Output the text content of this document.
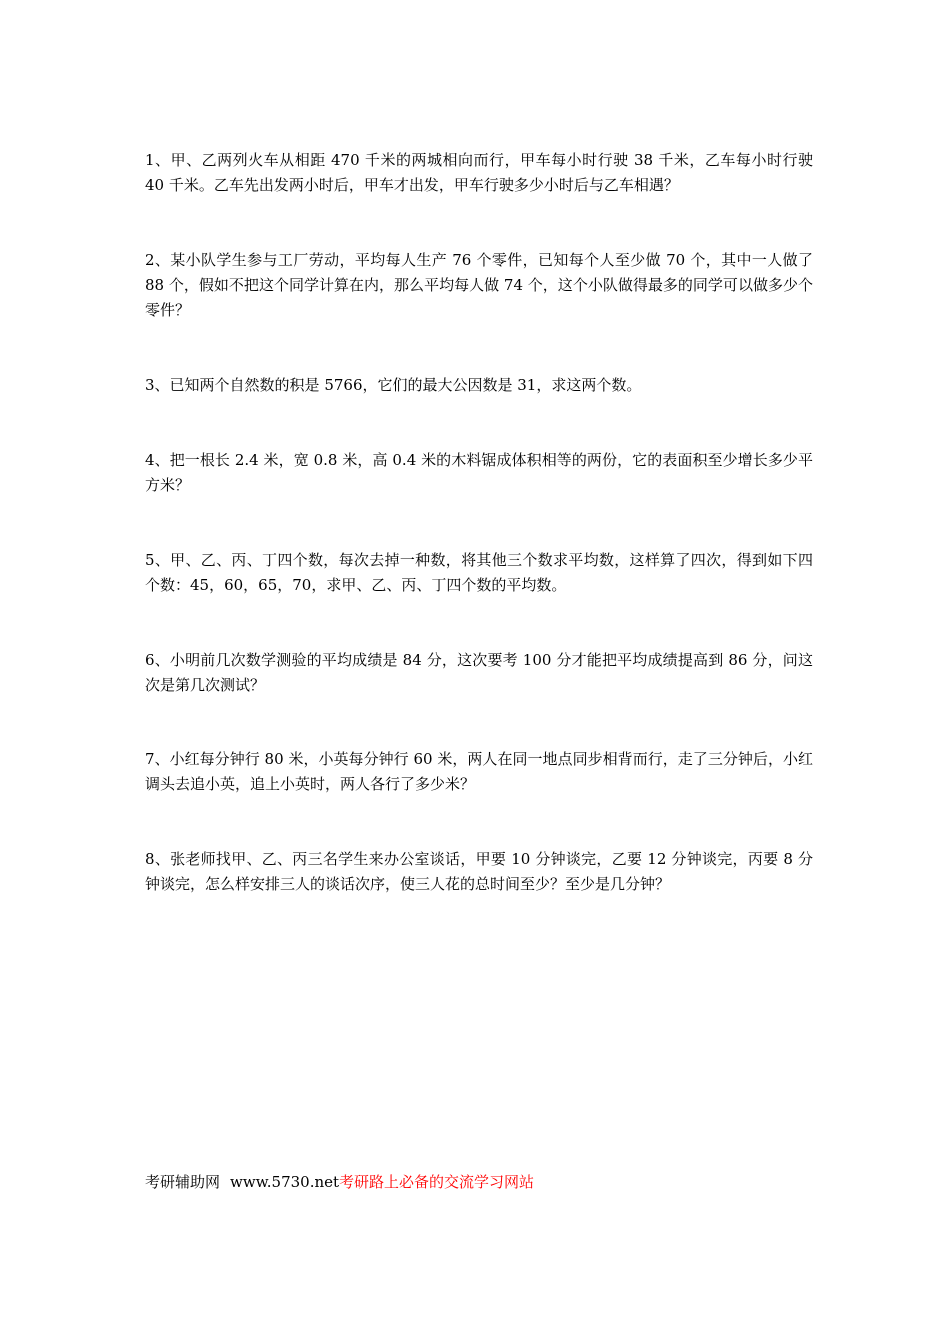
1、甲、乙两列火车从相距 470 千米的两城相向而行，甲车每小时行驶 38 千米，乙车每小时行驶 40 千米。乙车先出发两小时后，甲车才出发，甲车行驶多少小时后与乙车相遇？

2、某小队学生参与工厂劳动，平均每人生产 76 个零件，已知每个人至少做 70 个，其中一人做了 88 个，假如不把这个同学计算在内，那么平均每人做 74 个，这个小队做得最多的同学可以做多少个零件？

3、已知两个自然数的积是 5766，它们的最大公因数是 31，求这两个数。

4、把一根长 2.4 米，宽 0.8 米，高 0.4 米的木料锯成体积相等的两份，它的表面积至少增长多少平方米？

5、甲、乙、丙、丁四个数，每次去掉一种数，将其他三个数求平均数，这样算了四次，得到如下四个数：45，60，65，70，求甲、乙、丙、丁四个数的平均数。

6、小明前几次数学测验的平均成绩是 84 分，这次要考 100 分才能把平均成绩提高到 86 分，问这次是第几次测试？

7、小红每分钟行 80 米，小英每分钟行 60 米，两人在同一地点同步相背而行，走了三分钟后，小红调头去追小英，追上小英时，两人各行了多少米？

8、张老师找甲、乙、丙三名学生来办公室谈话，甲要 10 分钟谈完，乙要 12 分钟谈完，丙要 8 分钟谈完，怎么样安排三人的谈话次序，使三人花的总时间至少？至少是几分钟？

考研辅助网 www.5730.net考研路上必备的交流学习网站
